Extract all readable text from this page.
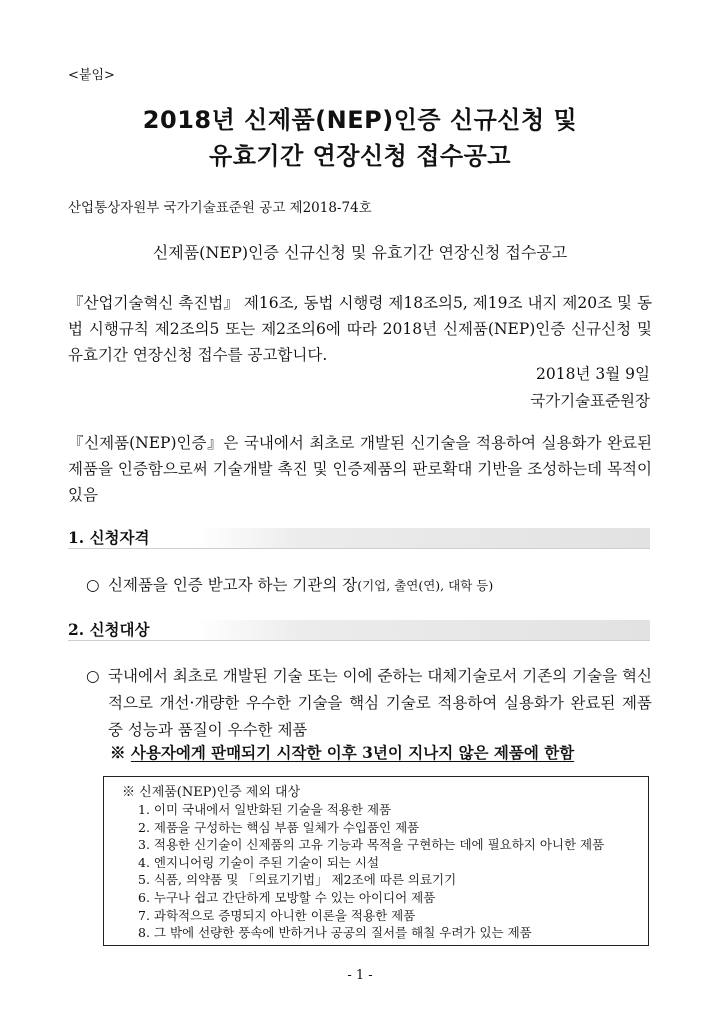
<붙임>
2018년 신제품(NEP)인증 신규신청 및
유효기간 연장신청 접수공고
산업통상자원부 국가기술표준원 공고 제2018-74호
신제품(NEP)인증 신규신청 및 유효기간 연장신청 접수공고
『산업기술혁신 촉진법』 제16조, 동법 시행령 제18조의5, 제19조 내지 제20조 및 동법 시행규칙 제2조의5 또는 제2조의6에 따라 2018년 신제품(NEP)인증 신규신청 및 유효기간 연장신청 접수를 공고합니다.
2018년 3월 9일
국가기술표준원장
『신제품(NEP)인증』은 국내에서 최초로 개발된 신기술을 적용하여 실용화가 완료된 제품을 인증함으로써 기술개발 촉진 및 인증제품의 판로확대 기반을 조성하는데 목적이 있음
1. 신청자격
○ 신제품을 인증 받고자 하는 기관의 장(기업, 출연(연), 대학 등)
2. 신청대상
○ 국내에서 최초로 개발된 기술 또는 이에 준하는 대체기술로서 기존의 기술을 혁신적으로 개선·개량한 우수한 기술을 핵심 기술로 적용하여 실용화가 완료된 제품 중 성능과 품질이 우수한 제품
※ 사용자에게 판매되기 시작한 이후 3년이 지나지 않은 제품에 한함
※ 신제품(NEP)인증 제외 대상
1. 이미 국내에서 일반화된 기술을 적용한 제품
2. 제품을 구성하는 핵심 부품 일체가 수입품인 제품
3. 적용한 신기술이 신제품의 고유 기능과 목적을 구현하는 데에 필요하지 아니한 제품
4. 엔지니어링 기술이 주된 기술이 되는 시설
5. 식품, 의약품 및 「의료기기법」 제2조에 따른 의료기기
6. 누구나 쉽고 간단하게 모방할 수 있는 아이디어 제품
7. 과학적으로 증명되지 아니한 이론을 적용한 제품
8. 그 밖에 선량한 풍속에 반하거나 공공의 질서를 해칠 우려가 있는 제품
- 1 -
